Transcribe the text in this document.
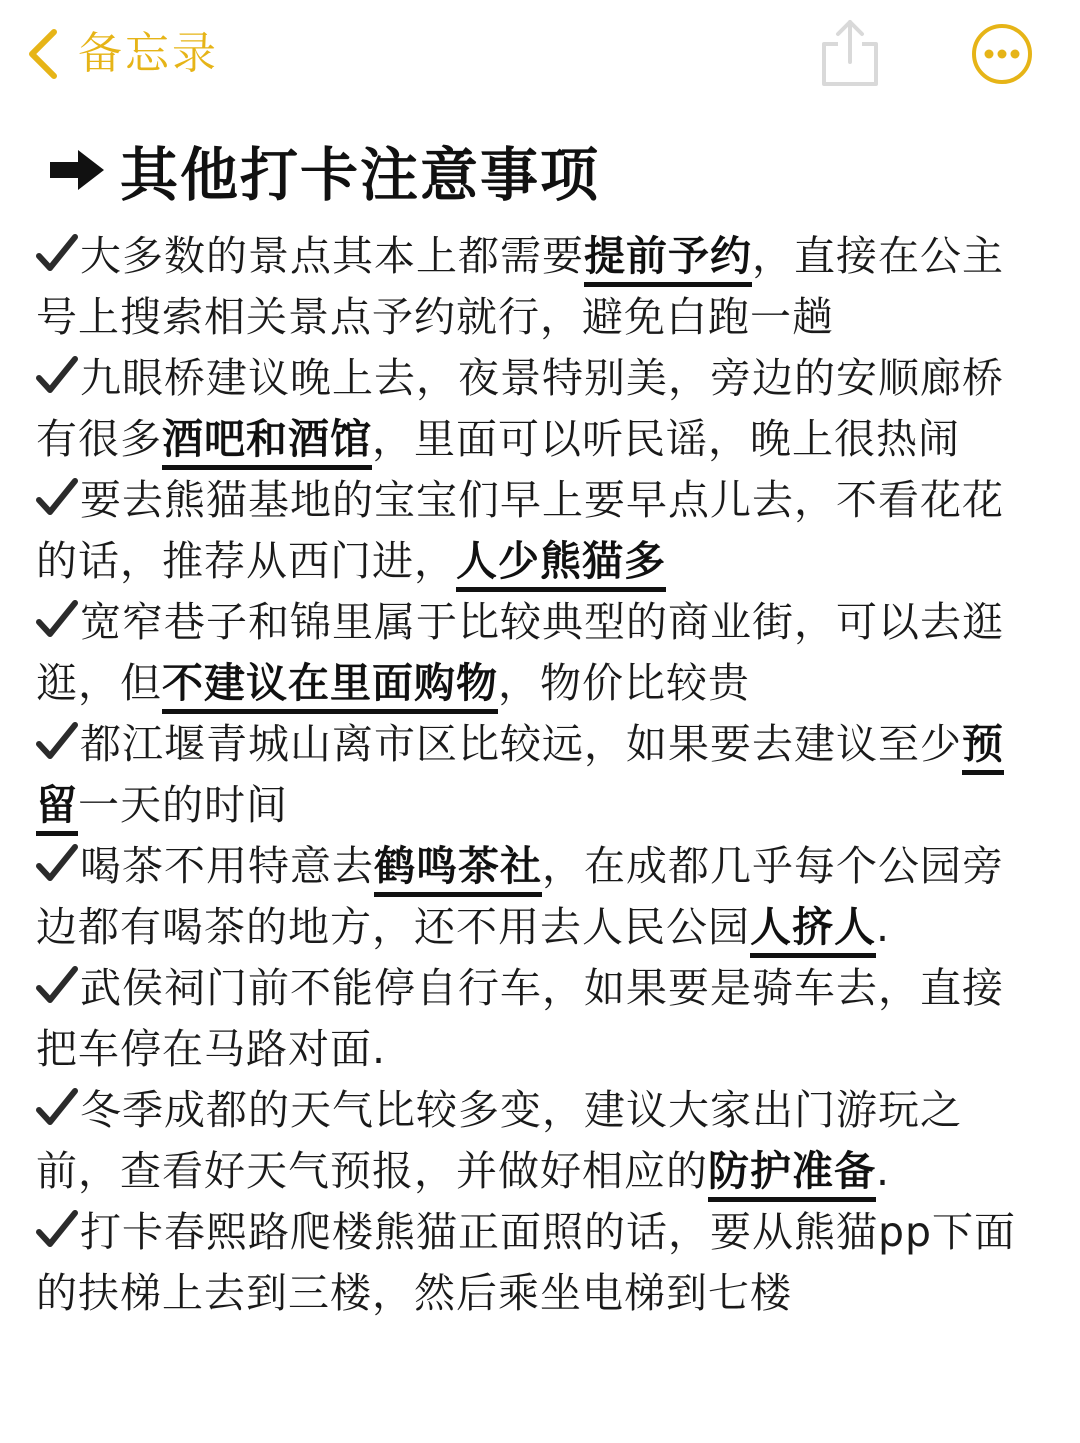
备忘录
其他打卡注意事项
大多数的景点其本上都需要提前予约，直接在公主号上搜索相关景点予约就行，避免白跑一趟
九眼桥建议晚上去，夜景特别美，旁边的安顺廊桥有很多酒吧和酒馆，里面可以听民谣，晚上很热闹
要去熊猫基地的宝宝们早上要早点儿去，不看花花的话，推荐从西门进，人少熊猫多
宽窄巷子和锦里属于比较典型的商业街，可以去逛逛，但不建议在里面购物，物价比较贵
都江堰青城山离市区比较远，如果要去建议至少预留一天的时间
喝茶不用特意去鹤鸣茶社，在成都几乎每个公园旁边都有喝茶的地方，还不用去人民公园人挤人.
武侯祠门前不能停自行车，如果要是骑车去，直接把车停在马路对面.
冬季成都的天气比较多变，建议大家出门游玩之前，查看好天气预报，并做好相应的防护准备.
打卡春熙路爬楼熊猫正面照的话，要从熊猫pp下面的扶梯上去到三楼，然后乘坐电梯到七楼
